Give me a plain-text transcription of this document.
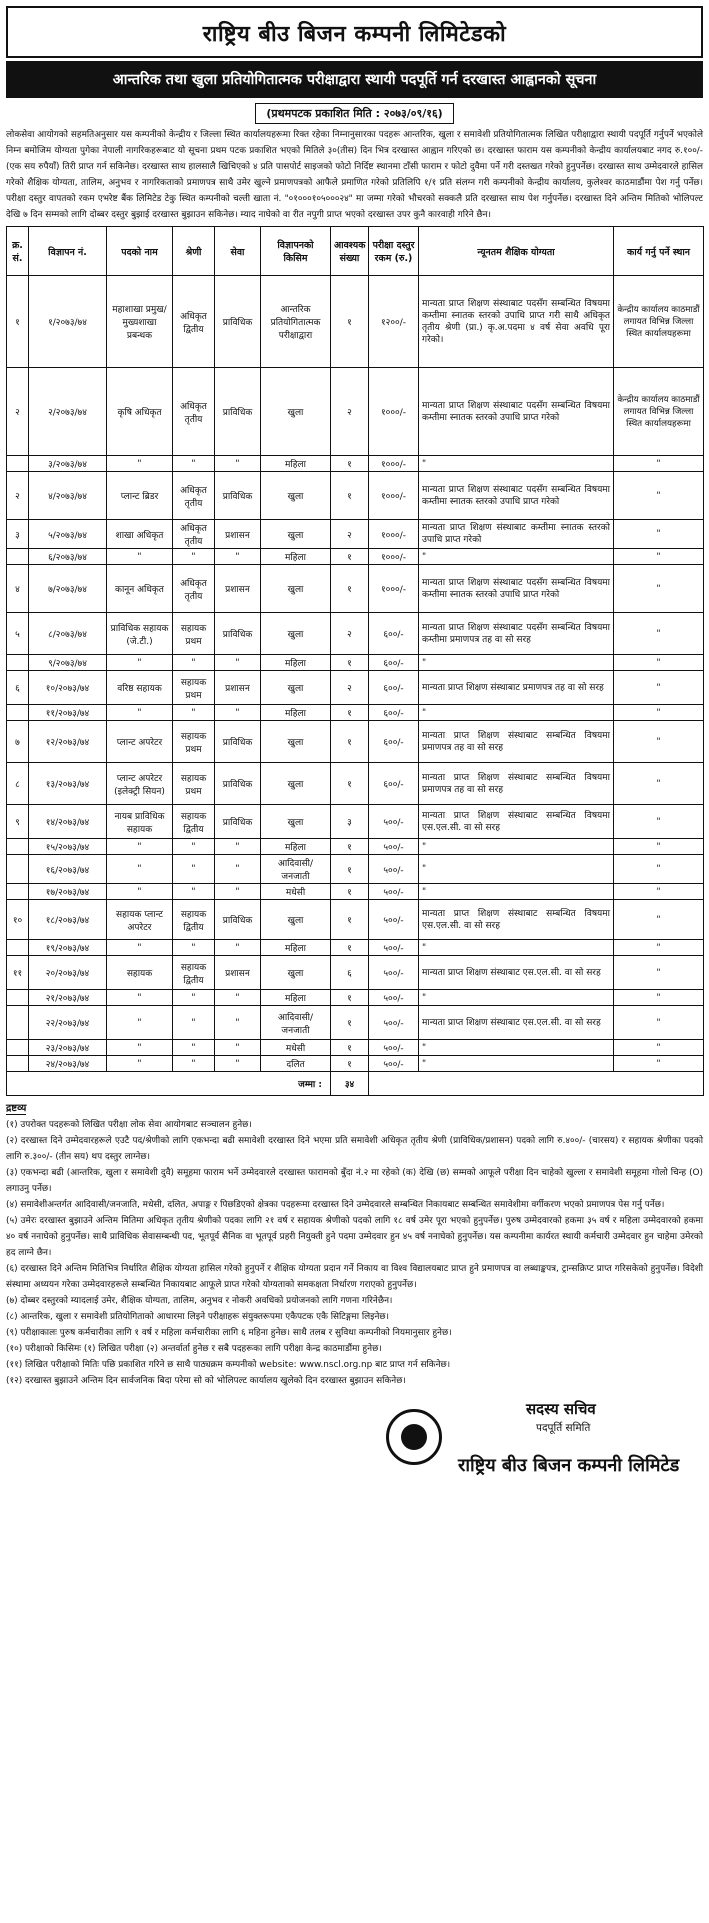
राष्ट्रिय बीउ बिजन कम्पनी लिमिटेडको
आन्तरिक तथा खुला प्रतियोगितात्मक परीक्षाद्वारा स्थायी पदपूर्ति गर्न दरखास्त आह्वानको सूचना
(प्रथमपटक प्रकाशित मिति : २०७३/०९/१६)
लोकसेवा आयोगको सहमतिअनुसार यस कम्पनीको केन्द्रीय र जिल्ला स्थित कार्यालयहरूमा रिक्त रहेका निम्नानुसारका पदहरू आन्तरिक, खुला र समावेशी प्रतियोगितात्मक लिखित परीक्षाद्वारा स्थायी पदपूर्ति गर्नुपर्ने भएकोले निम्न बमोजिम योग्यता पुगेका नेपाली नागरिकहरूबाट यो सूचना प्रथम पटक प्रकाशित भएको मितिले ३०(तीस) दिन भित्र दरखास्त आह्वान गरिएको छ। दरखास्त फाराम यस कम्पनीको केन्द्रीय कार्यालयबाट नगद रु.१००/- (एक सय रुपैयाँ) तिरी प्राप्त गर्न सकिनेछ। दरखास्त साथ हालसालै खिचिएको ४ प्रति पासपोर्ट साइजको फोटो निर्दिष्ट स्थानमा टाँसी फाराम र फोटो दुवैमा पर्ने गरी दस्तखत गरेको हुनुपर्नेछ। दरखास्त साथ उम्मेदवारले हासिल गरेको शैक्षिक योग्यता, तालिम, अनुभव र नागरिकताको प्रमाणपत्र साथै उमेर खुल्ने प्रमाणपत्रको आफैले प्रमाणित गरेको प्रतिलिपि १/१ प्रति संलग्न गरी कम्पनीको केन्द्रीय कार्यालय, कुलेश्वर काठमाडौंमा पेश गर्नु पर्नेछ। परीक्षा दस्तुर वापतको रकम एभरेष्ट बैंक लिमिटेड टेकु स्थित कम्पनीको चल्ती खाता नं. "०१०००१०५०००२४" मा जम्मा गरेको भौचरको सक्कलै प्रति दरखास्त साथ पेश गर्नुपर्नेछ। दरखास्त दिने अन्तिम मितिको भोलिपल्ट देखि ७ दिन सम्मको लागि दोब्बर दस्तुर बुझाई दरखास्त बुझाउन सकिनेछ। म्याद नाघेको वा रीत नपुगी प्राप्त भएको दरखास्त उपर कुनै कारवाही गरिने छैन।
क्र. सं.	विज्ञापन नं.	पदको नाम	श्रेणी	सेवा	विज्ञापनको किसिम	आवश्यक संख्या	परीक्षा दस्तुर रकम (रु.)	न्यूनतम शैक्षिक योग्यता	कार्य गर्नु पर्ने स्थान
१	१/२०७३/७४	महाशाखा प्रमुख/ मुख्यशाखा प्रबन्धक	अधिकृत द्वितीय	प्राविधिक	आन्तरिक प्रतियोगितात्मक परीक्षाद्वारा	१	१२००/-	मान्यता प्राप्त शिक्षण संस्थाबाट पदसँग सम्बन्धित विषयमा कम्तीमा स्नातक स्तरको उपाधि प्राप्त गरी साथै अधिकृत तृतीय श्रेणी (प्रा.) कृ.अ.पदमा ४ वर्ष सेवा अवधि पूरा गरेको।	केन्द्रीय कार्यालय काठमाडौं लगायत विभिन्न जिल्ला स्थित कार्यालयहरूमा
२	२/२०७३/७४	कृषि अधिकृत	अधिकृत तृतीय	प्राविधिक	खुला	२	१०००/-	मान्यता प्राप्त शिक्षण संस्थाबाट पदसँग सम्बन्धित विषयमा कम्तीमा स्नातक स्तरको उपाधि प्राप्त गरेको	केन्द्रीय कार्यालय काठमाडौं लगायत विभिन्न जिल्ला स्थित कार्यालयहरूमा
	३/२०७३/७४	"	"	"	महिला	१	१०००/-	"	"
२	४/२०७३/७४	प्लान्ट ब्रिडर	अधिकृत तृतीय	प्राविधिक	खुला	१	१०००/-	मान्यता प्राप्त शिक्षण संस्थाबाट पदसँग सम्बन्धित विषयमा कम्तीमा स्नातक स्तरको उपाधि प्राप्त गरेको	"
३	५/२०७३/७४	शाखा अधिकृत	अधिकृत तृतीय	प्रशासन	खुला	२	१०००/-	मान्यता प्राप्त शिक्षण संस्थाबाट कम्तीमा स्नातक स्तरको उपाधि प्राप्त गरेको	"
	६/२०७३/७४	"	"	"	महिला	१	१०००/-	"	"
४	७/२०७३/७४	कानून अधिकृत	अधिकृत तृतीय	प्रशासन	खुला	१	१०००/-	मान्यता प्राप्त शिक्षण संस्थाबाट पदसँग सम्बन्धित विषयमा कम्तीमा स्नातक स्तरको उपाधि प्राप्त गरेको	"
५	८/२०७३/७४	प्राविधिक सहायक (जे.टी.)	सहायक प्रथम	प्राविधिक	खुला	२	६००/-	मान्यता प्राप्त शिक्षण संस्थाबाट पदसँग सम्बन्धित विषयमा कम्तीमा प्रमाणपत्र तह वा सो सरह	"
	९/२०७३/७४	"	"	"	महिला	१	६००/-	"	"
६	१०/२०७३/७४	वरिष्ठ सहायक	सहायक प्रथम	प्रशासन	खुला	२	६००/-	मान्यता प्राप्त शिक्षण संस्थाबाट प्रमाणपत्र तह वा सो सरह	"
	११/२०७३/७४	"	"	"	महिला	१	६००/-	"	"
७	१२/२०७३/७४	प्लान्ट अपरेटर	सहायक प्रथम	प्राविधिक	खुला	१	६००/-	मान्यता प्राप्त शिक्षण संस्थाबाट सम्बन्धित विषयमा प्रमाणपत्र तह वा सो सरह	"
८	१३/२०७३/७४	प्लान्ट अपरेटर (इलेक्ट्री सियन)	सहायक प्रथम	प्राविधिक	खुला	१	६००/-	मान्यता प्राप्त शिक्षण संस्थाबाट सम्बन्धित विषयमा प्रमाणपत्र तह वा सो सरह	"
९	१४/२०७३/७४	नायब प्राविधिक सहायक	सहायक द्वितीय	प्राविधिक	खुला	३	५००/-	मान्यता प्राप्त शिक्षण संस्थाबाट सम्बन्धित विषयमा एस.एल.सी. वा सो सरह	"
	१५/२०७३/७४	"	"	"	महिला	१	५००/-	"	"
	१६/२०७३/७४	"	"	"	आदिवासी/ जनजाती	१	५००/-	"	"
	१७/२०७३/७४	"	"	"	मधेसी	१	५००/-	"	"
१०	१८/२०७३/७४	सहायक प्लान्ट अपरेटर	सहायक द्वितीय	प्राविधिक	खुला	१	५००/-	मान्यता प्राप्त शिक्षण संस्थाबाट सम्बन्धित विषयमा एस.एल.सी. वा सो सरह	"
	१९/२०७३/७४	"	"	"	महिला	१	५००/-	"	"
११	२०/२०७३/७४	सहायक	सहायक द्वितीय	प्रशासन	खुला	६	५००/-	मान्यता प्राप्त शिक्षण संस्थाबाट एस.एल.सी. वा सो सरह	"
	२१/२०७३/७४	"	"	"	महिला	१	५००/-	"	"
	२२/२०७३/७४	"	"	"	आदिवासी/ जनजाती	१	५००/-	मान्यता प्राप्त शिक्षण संस्थाबाट एस.एल.सी. वा सो सरह	"
	२३/२०७३/७४	"	"	"	मधेसी	१	५००/-	"	"
	२४/२०७३/७४	"	"	"	दलित	१	५००/-	"	"
जम्मा :						३४			
द्रष्टव्य
(१) उपरोक्त पदहरूको लिखित परीक्षा लोक सेवा आयोगबाट सञ्चालन हुनेछ।
(२) दरखास्त दिने उम्मेदवारहरूले एउटै पद/श्रेणीको लागि एकभन्दा बढी समावेशी दरखास्त दिने भएमा प्रति समावेशी अधिकृत तृतीय श्रेणी (प्राविधिक/प्रशासन) पदको लागि रु.४००/- (चारसय) र सहायक श्रेणीका पदको लागि रु.३००/- (तीन सय) थप दस्तुर लाग्नेछ।
(३) एकभन्दा बढी (आन्तरिक, खुला र समावेशी दुवै) समूहमा फाराम भर्ने उम्मेदवारले दरखास्त फारामको बुँदा नं.२ मा रहेको (क) देखि (छ) सम्मको आफूले परीक्षा दिन चाहेको खुल्ला र समावेशी समूहमा गोलो चिन्ह (O) लगाउनु पर्नेछ।
(४) समावेशीअन्तर्गत आदिवासी/जनजाति, मधेसी, दलित, अपाङ्ग र पिछडिएको क्षेत्रका पदहरूमा दरखास्त दिने उम्मेदवारले सम्बन्धित निकायबाट सम्बन्धित समावेशीमा वर्गीकरण भएको प्रमाणपत्र पेस गर्नु पर्नेछ।
(५) उमेरः दरखास्त बुझाउने अन्तिम मितिमा अधिकृत तृतीय श्रेणीको पदका लागि २१ वर्ष र सहायक श्रेणीको पदको लागि १८ वर्ष उमेर पूरा भएको हुनुपर्नेछ। पुरुष उम्मेदवारको हकमा ३५ वर्ष र महिला उम्मेदवारको हकमा ४० वर्ष ननाघेको हुनुपर्नेछ। साथै प्राविधिक सेवासम्बन्धी पद, भूतपूर्व सैनिक वा भूतपूर्व प्रहरी नियुक्ती हुने पदमा उम्मेदवार हुन ४५ वर्ष ननाघेको हुनुपर्नेछ। यस कम्पनीमा कार्यरत स्थायी कर्मचारी उम्मेदवार हुन चाहेमा उमेरको हद लाग्ने छैन।
(६) दरखास्त दिने अन्तिम मितिभित्र निर्धारित शैक्षिक योग्यता हासिल गरेको हुनुपर्ने र शैक्षिक योग्यता प्रदान गर्ने निकाय वा विश्व विद्यालयबाट प्राप्त हुने प्रमाणपत्र वा लब्धाङ्कपत्र, ट्रान्सक्रिप्ट प्राप्त गरिसकेको हुनुपर्नेछ। विदेशी संस्थामा अध्ययन गरेका उम्मेदवारहरूले सम्बन्धित निकायबाट आफूले प्राप्त गरेको योग्यताको समकक्षता निर्धारण गराएको हुनुपर्नेछ।
(७) दोब्बर दस्तुरको म्यादलाई उमेर, शैक्षिक योग्यता, तालिम, अनुभव र नोकरी अवधिको प्रयोजनको लागि गणना गरिनेछैन।
(८) आन्तरिक, खुला र समावेशी प्रतियोगिताको आधारमा लिइने परीक्षाहरू संयुक्तरूपमा एकैपटक एकै सिटिङ्गमा लिइनेछ।
(९) परीक्षाकालः पुरुष कर्मचारीका लागि १ वर्ष र महिला कर्मचारीका लागि ६ महिना हुनेछ। साथै तलब र सुविधा कम्पनीको नियमानुसार हुनेछ।
(१०) परीक्षाको किसिमः (१) लिखित परीक्षा (२) अन्तर्वार्ता हुनेछ र सबै पदहरूका लागि परीक्षा केन्द्र काठमाडौंमा हुनेछ।
(११) लिखित परीक्षाको मितिः पछि प्रकाशित गरिने छ साथै पाठ्यक्रम कम्पनीको website: www.nscl.org.np बाट प्राप्त गर्न सकिनेछ।
(१२) दरखास्त बुझाउने अन्तिम दिन सार्वजनिक बिदा परेमा सो को भोलिपल्ट कार्यालय खुलेको दिन दरखास्त बुझाउन सकिनेछ।
सदस्य सचिव
पदपूर्ति समिति
राष्ट्रिय बीउ बिजन कम्पनी लिमिटेड
